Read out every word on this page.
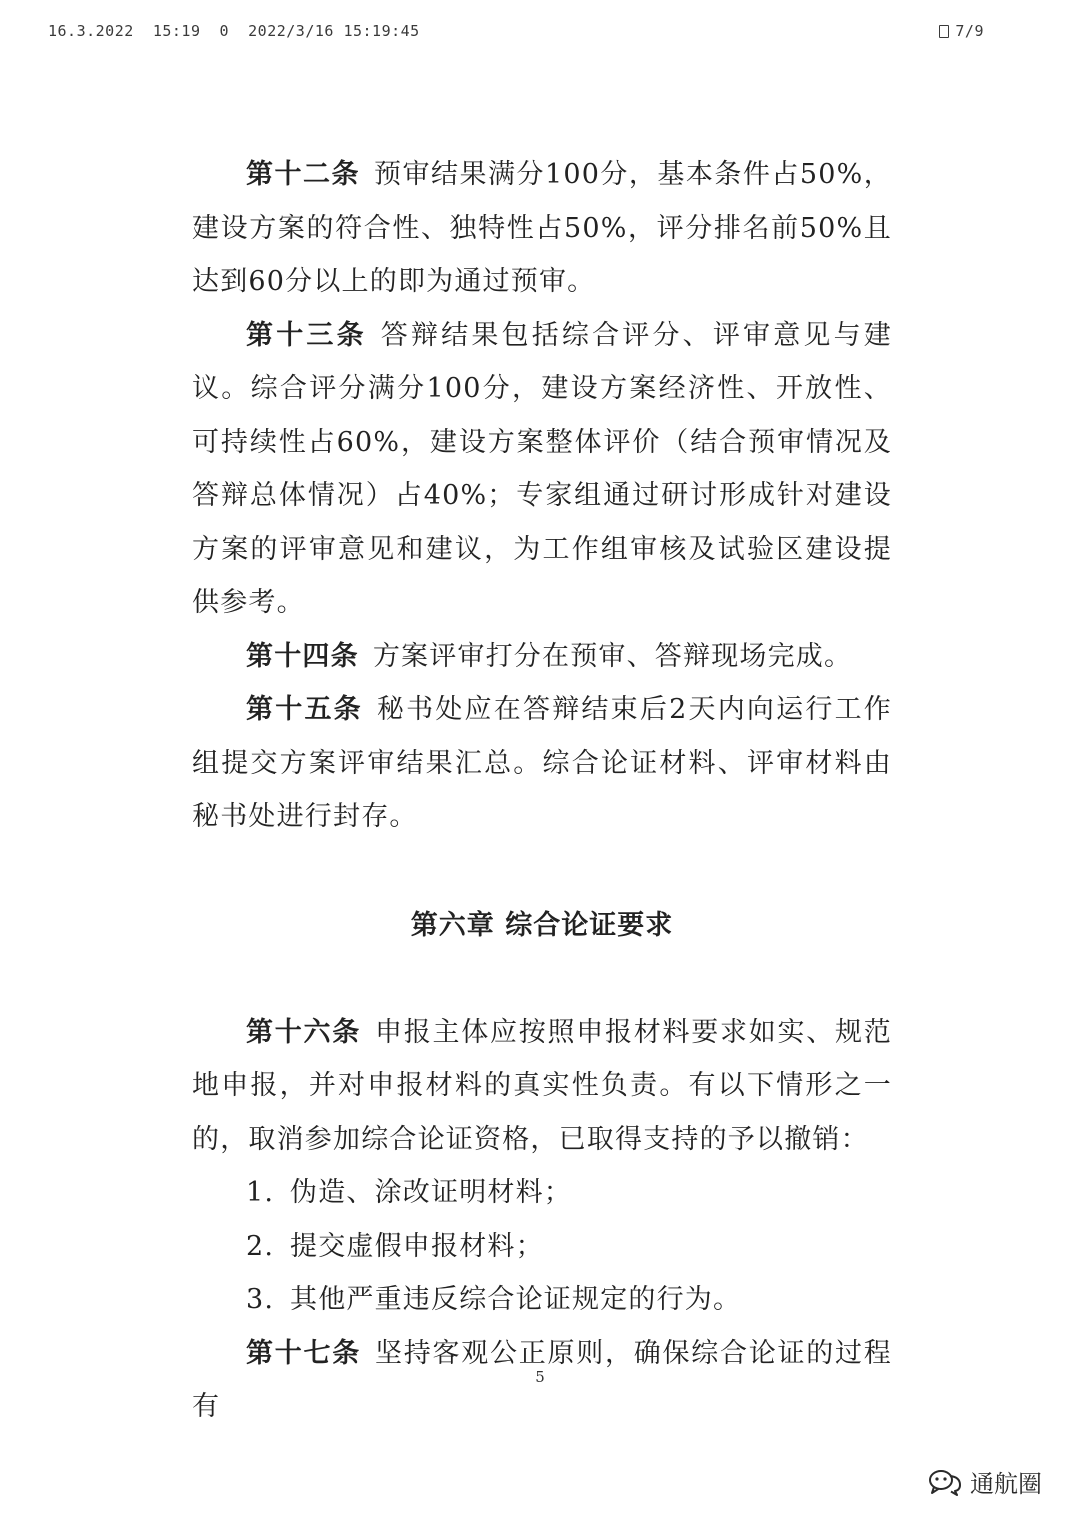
16.3.2022  15:19  0  2022/3/16 15:19:45	7/9

第十二条 预审结果满分100分，基本条件占50%，建设方案的符合性、独特性占50%，评分排名前50%且达到60分以上的即为通过预审。

第十三条 答辩结果包括综合评分、评审意见与建议。综合评分满分100分，建设方案经济性、开放性、可持续性占60%，建设方案整体评价（结合预审情况及答辩总体情况）占40%；专家组通过研讨形成针对建设方案的评审意见和建议，为工作组审核及试验区建设提供参考。

第十四条 方案评审打分在预审、答辩现场完成。

第十五条 秘书处应在答辩结束后2天内向运行工作组提交方案评审结果汇总。综合论证材料、评审材料由秘书处进行封存。

第六章 综合论证要求

第十六条 申报主体应按照申报材料要求如实、规范地申报，并对申报材料的真实性负责。有以下情形之一的，取消参加综合论证资格，已取得支持的予以撤销：

1. 伪造、涂改证明材料；

2. 提交虚假申报材料；

3. 其他严重违反综合论证规定的行为。

第十七条 坚持客观公正原则，确保综合论证的过程有

5
通航圈
